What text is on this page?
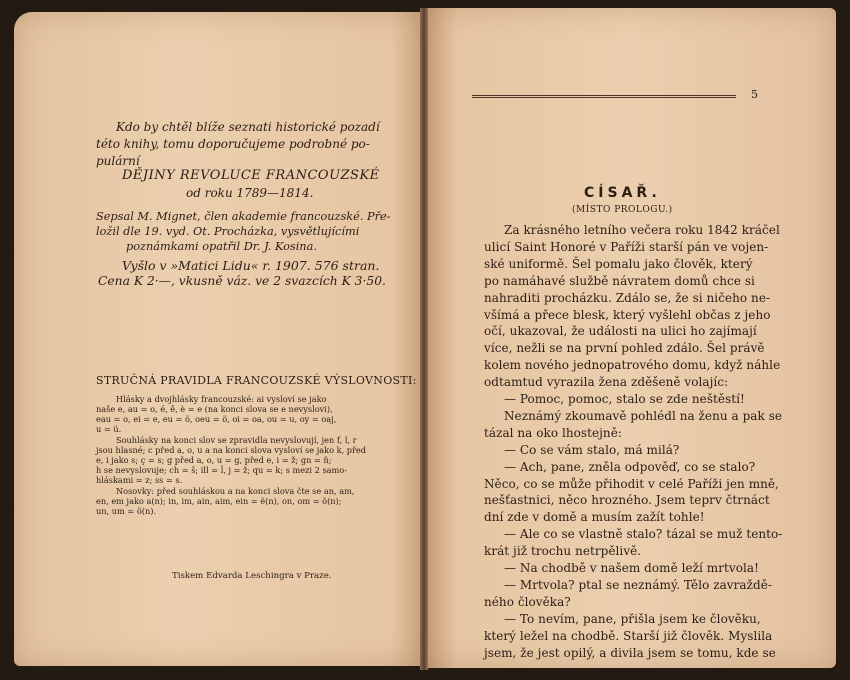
Kdo by chtěl blíže seznati historické pozadí
této knihy, tomu doporučujeme podrobné po-
pulární
DĚJINY REVOLUCE FRANCOUZSKÉ
od roku 1789—1814.
Sepsal M. Mignet, člen akademie francouzské. Pře-
ložil dle 19. vyd. Ot. Procházka, vysvětlujícími
poznámkami opatřil Dr. J. Kosina.
Vyšlo v »Matici Lidu« r. 1907. 576 stran.
Cena K 2·—, vkusně váz. ve 2 svazcích K 3·50.
STRUČNÁ PRAVIDLA FRANCOUZSKÉ VÝSLOVNOSTI:
Hlásky a dvojhlásky francouzské: ai vysloví se jako
naše e, au = o, é, ê, è = e (na konci slova se e nevyslovi),
eau = o, ei = e, eu = ö, oeu = ö, oi = oa, ou = u, oy = oaj,
u = ü.
Souhlásky na konci slov se zpravidla nevyslovují, jen f, l, r
jsou hlasné; c před a, o, u a na konci slova vysloví se jako k, před
e, i jako s; ç = s; g před a, o, u = g, před e, i = ž; gn = ň;
h se nevyslovuje; ch = š; ill = ĺ, j = ž; qu = k; s mezi 2 samo-
hláskami = z; ss = s.
Nosovky: před souhláskou a na konci slova čte se an, am,
en, em jako a(n); in, im, ain, aim, ein = ẽ(n), on, om = õ(n);
un, um = ö(n).
Tiskem Edvarda Leschingra v Praze.
5
CÍSAŘ.
(MÍSTO PROLOGU.)
Za krásného letního večera roku 1842 kráčel
ulicí Saint Honoré v Paříži starší pán ve vojen-
ské uniformě. Šel pomalu jako člověk, který
po namáhavé službě návratem domů chce si
nahraditi procházku. Zdálo se, že si ničeho ne-
všímá a přece blesk, který vyšlehl občas z jeho
očí, ukazoval, že události na ulici ho zajímají
více, nežli se na první pohled zdálo. Šel právě
kolem nového jednopatrového domu, když náhle
odtamtud vyrazila žena zděšeně volajíc:
— Pomoc, pomoc, stalo se zde neštěstí!
Neznámý zkoumavě pohlédl na ženu a pak se
tázal na oko lhostejně:
— Co se vám stalo, má milá?
— Ach, pane, zněla odpověď, co se stalo?
Něco, co se může přihodit v celé Paříži jen mně,
nešťastnici, něco hrozného. Jsem teprv čtrnáct
dní zde v domě a musím zažít tohle!
— Ale co se vlastně stalo? tázal se muž tento-
krát již trochu netrpělivě.
— Na chodbě v našem domě leží mrtvola!
— Mrtvola? ptal se neznámý. Tělo zavraždě-
ného člověka?
— To nevím, pane, přišla jsem ke člověku,
který ležel na chodbě. Starší již člověk. Myslila
jsem, že jest opilý, a divila jsem se tomu, kde se
